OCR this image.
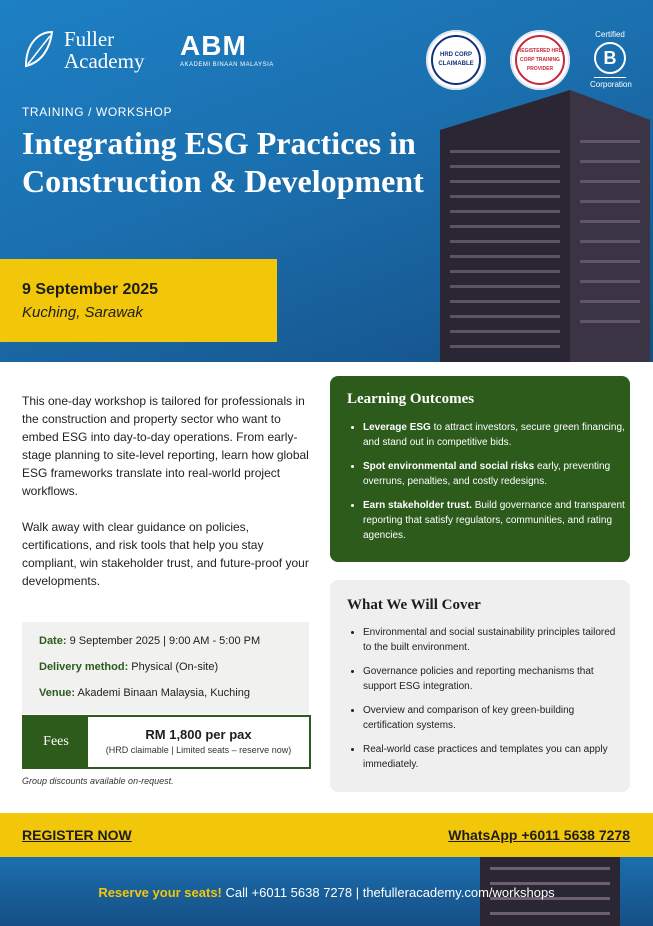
Fuller
Academy ABM
AKADEMI BINAAN MALAYSIA
HRD CORP CLAIMABLE
REGISTERED HRD CORP TRAINING PROVIDER
Certified
B
Corporation
TRAINING / WORKSHOP
Integrating ESG Practices in Construction & Development
9 September 2025
Kuching, Sarawak

This one-day workshop is tailored for professionals in the construction and property sector who want to embed ESG into day-to-day operations. From early-stage planning to site-level reporting, learn how global ESG frameworks translate into real-world project workflows.

Walk away with clear guidance on policies, certifications, and risk tools that help you stay compliant, win stakeholder trust, and future-proof your developments.

Learning Outcomes
• Leverage ESG to attract investors, secure green financing, and stand out in competitive bids.
• Spot environmental and social risks early, preventing overruns, penalties, and costly redesigns.
• Earn stakeholder trust. Build governance and transparent reporting that satisfy regulators, communities, and rating agencies.
What We Will Cover
• Environmental and social sustainability principles tailored to the built environment.
• Governance policies and reporting mechanisms that support ESG integration.
• Overview and comparison of key green-building certification systems.
• Real-world case practices and templates you can apply immediately.
Date: 9 September 2025 | 9:00 AM - 5:00 PM
Delivery method: Physical (On-site)
Venue: Akademi Binaan Malaysia, Kuching
Fees	RM 1,800 per pax
(HRD claimable | Limited seats – reserve now)
Group discounts available on-request.
REGISTER NOW	WhatsApp +6011 5638 7278
Reserve your seats! Call +6011 5638 7278 | thefulleracademy.com/workshops
